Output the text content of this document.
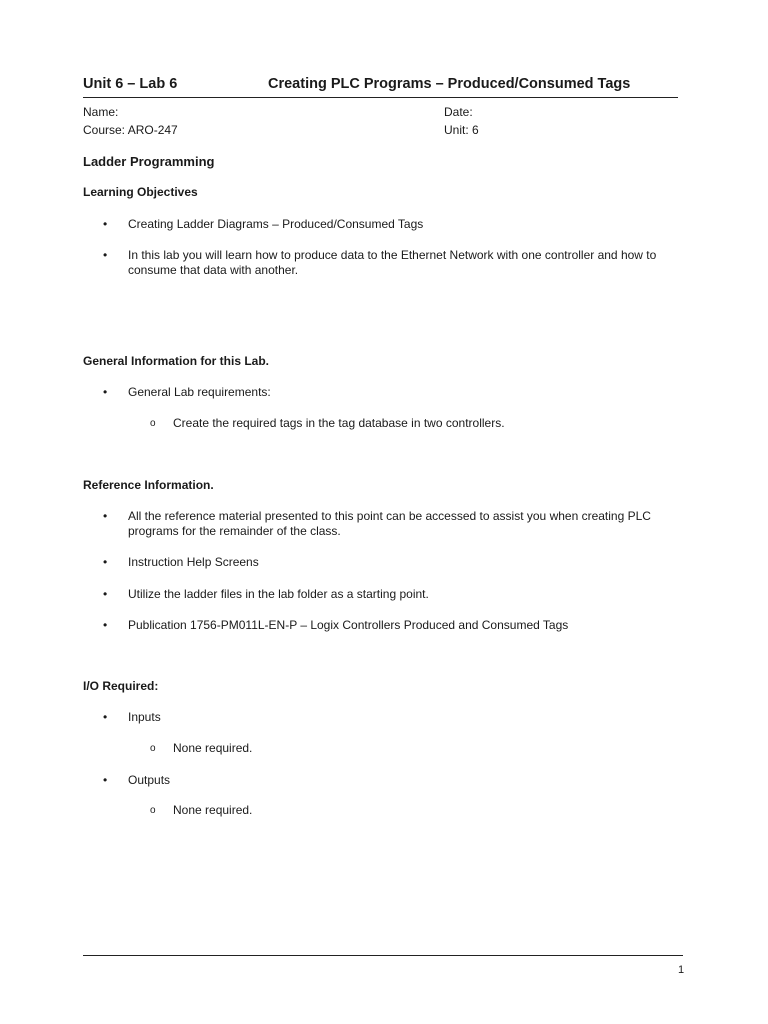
Unit 6 – Lab 6	Creating PLC Programs – Produced/Consumed Tags
Name:	Date:
Course: ARO-247	Unit: 6
Ladder Programming
Learning Objectives
• Creating Ladder Diagrams – Produced/Consumed Tags
• In this lab you will learn how to produce data to the Ethernet Network with one controller and how to consume that data with another.
General Information for this Lab.
• General Lab requirements:
o Create the required tags in the tag database in two controllers.
Reference Information.
• All the reference material presented to this point can be accessed to assist you when creating PLC programs for the remainder of the class.
• Instruction Help Screens
• Utilize the ladder files in the lab folder as a starting point.
• Publication 1756-PM011L-EN-P – Logix Controllers Produced and Consumed Tags
I/O Required:
• Inputs
o None required.
• Outputs
o None required.
1
